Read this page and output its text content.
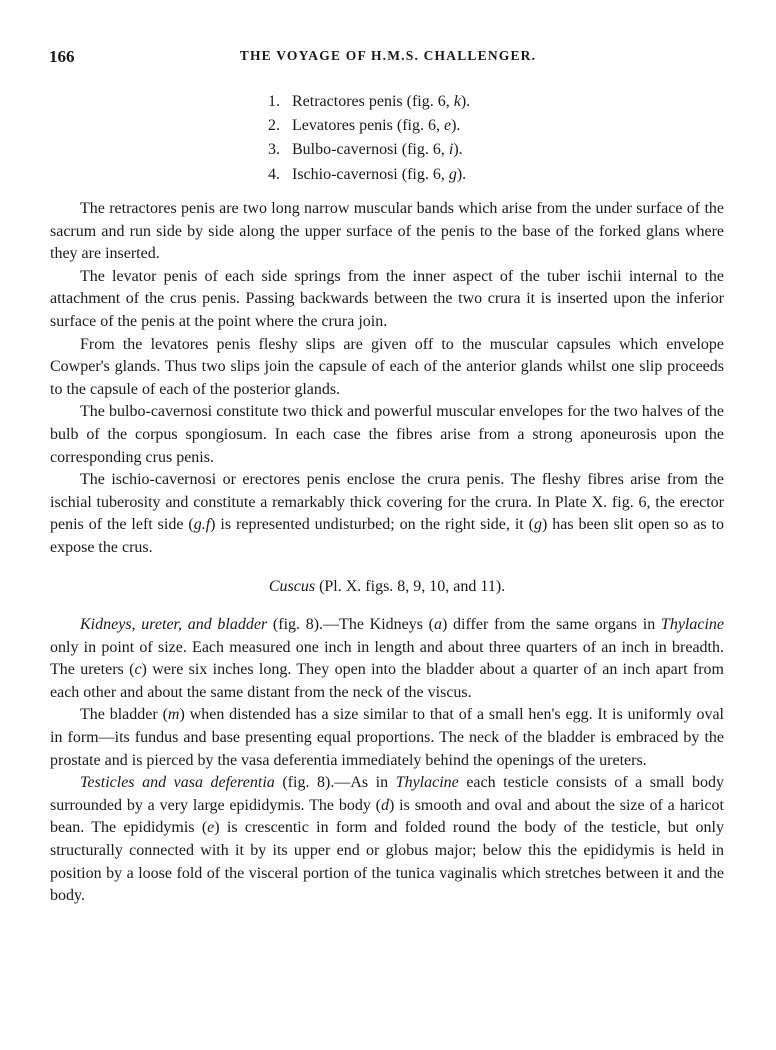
166	THE VOYAGE OF H.M.S. CHALLENGER.
1. Retractores penis (fig. 6, k).
2. Levatores penis (fig. 6, e).
3. Bulbo-cavernosi (fig. 6, i).
4. Ischio-cavernosi (fig. 6, g).

The retractores penis are two long narrow muscular bands which arise from the under surface of the sacrum and run side by side along the upper surface of the penis to the base of the forked glans where they are inserted.

The levator penis of each side springs from the inner aspect of the tuber ischii internal to the attachment of the crus penis. Passing backwards between the two crura it is inserted upon the inferior surface of the penis at the point where the crura join.

From the levatores penis fleshy slips are given off to the muscular capsules which envelope Cowper's glands. Thus two slips join the capsule of each of the anterior glands whilst one slip proceeds to the capsule of each of the posterior glands.

The bulbo-cavernosi constitute two thick and powerful muscular envelopes for the two halves of the bulb of the corpus spongiosum. In each case the fibres arise from a strong aponeurosis upon the corresponding crus penis.

The ischio-cavernosi or erectores penis enclose the crura penis. The fleshy fibres arise from the ischial tuberosity and constitute a remarkably thick covering for the crura. In Plate X. fig. 6, the erector penis of the left side (g.f) is represented undisturbed; on the right side, it (g) has been slit open so as to expose the crus.

Cuscus (Pl. X. figs. 8, 9, 10, and 11).

Kidneys, ureter, and bladder (fig. 8).—The Kidneys (a) differ from the same organs in Thylacine only in point of size. Each measured one inch in length and about three quarters of an inch in breadth. The ureters (c) were six inches long. They open into the bladder about a quarter of an inch apart from each other and about the same distant from the neck of the viscus.

The bladder (m) when distended has a size similar to that of a small hen's egg. It is uniformly oval in form—its fundus and base presenting equal proportions. The neck of the bladder is embraced by the prostate and is pierced by the vasa deferentia immediately behind the openings of the ureters.

Testicles and vasa deferentia (fig. 8).—As in Thylacine each testicle consists of a small body surrounded by a very large epididymis. The body (d) is smooth and oval and about the size of a haricot bean. The epididymis (e) is crescentic in form and folded round the body of the testicle, but only structurally connected with it by its upper end or globus major; below this the epididymis is held in position by a loose fold of the visceral portion of the tunica vaginalis which stretches between it and the body.
